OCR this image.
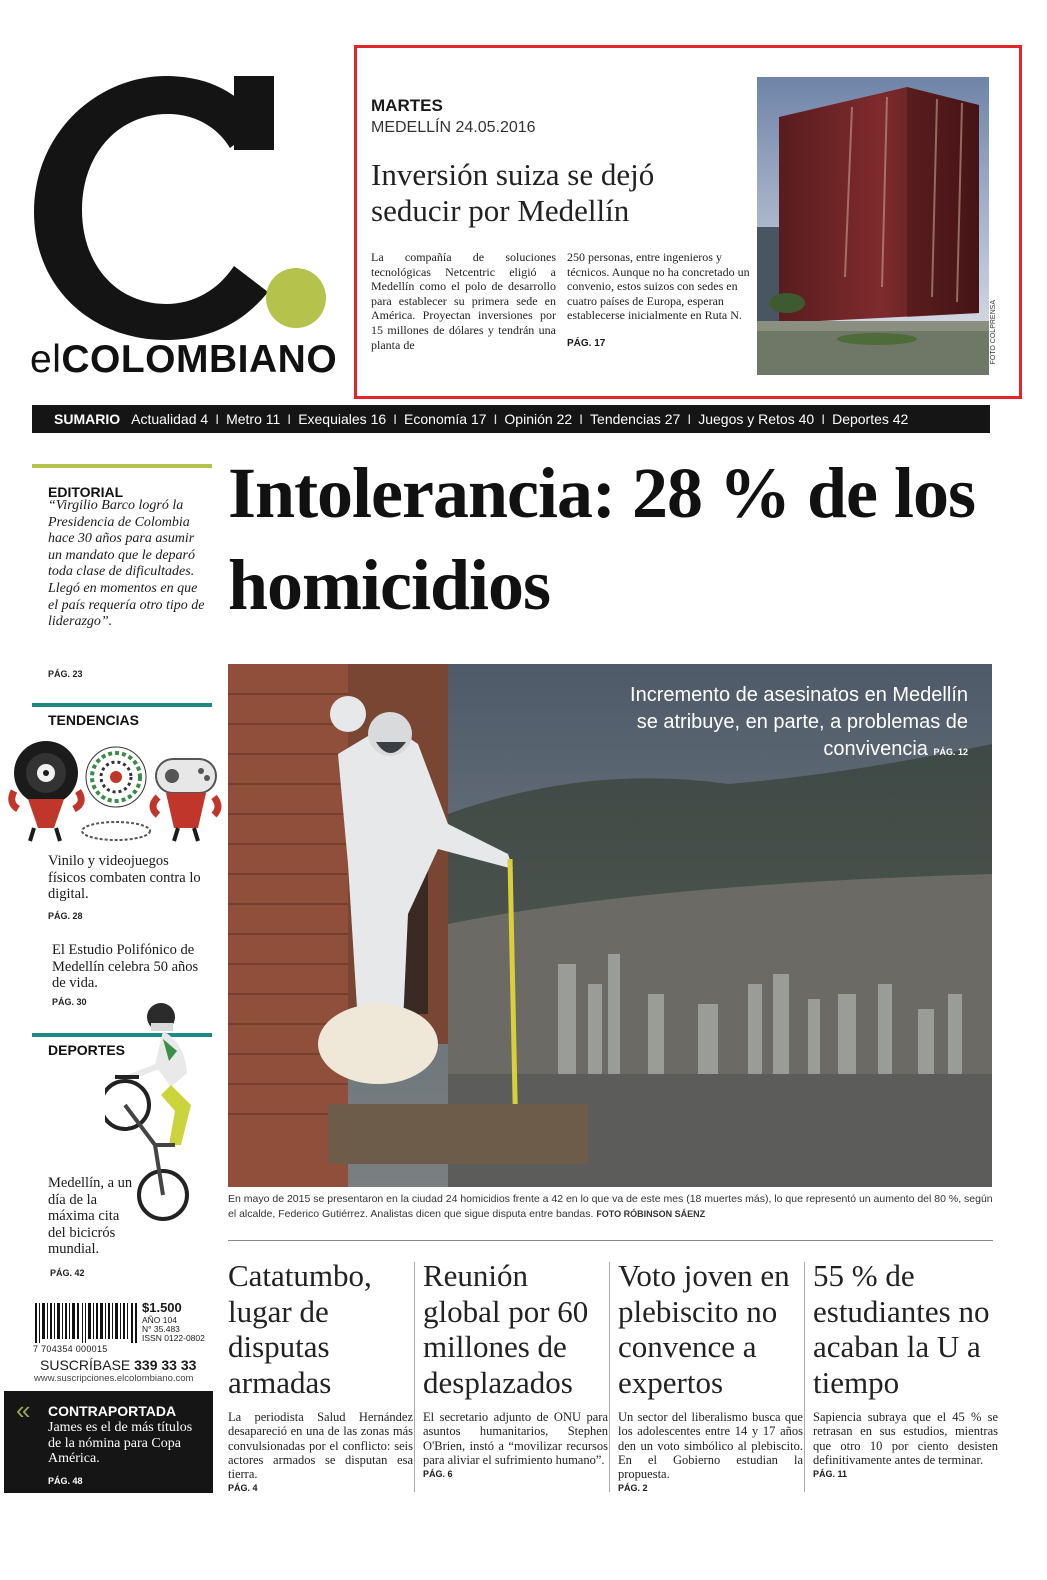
elCOLOMBIANO
MARTES
MEDELLÍN 24.05.2016
Inversión suiza se dejó seducir por Medellín
La compañía de soluciones tecnológicas Netcentric eligió a Medellín como el polo de desarrollo para establecer su primera sede en América. Proyectan inversiones por 15 millones de dólares y tendrán una planta de
250 personas, entre ingenieros y técnicos. Aunque no ha concretado un convenio, estos suizos con sedes en cuatro países de Europa, esperan establecerse inicialmente en Ruta N.
PÁG. 17	FOTO COLPRENSA
SUMARIO Actualidad 4 I Metro 11 I Exequiales 16 I Economía 17 I Opinión 22 I Tendencias 27 I Juegos y Retos 40 I Deportes 42
EDITORIAL
“Virgilio Barco logró la Presidencia de Colombia hace 30 años para asumir un mandato que le deparó toda clase de dificultades. Llegó en momentos en que el país requería otro tipo de liderazgo”.
PÁG. 23
TENDENCIAS
Vinilo y videojuegos físicos combaten contra lo digital.
PÁG. 28
El Estudio Polifónico de Medellín celebra 50 años de vida.
PÁG. 30
DEPORTES
Medellín, a un día de la máxima cita del bicicrós mundial.
PÁG. 42
7 704354 000015
$1.500
AÑO 104
N° 35.483
ISSN 0122-0802
SUSCRÍBASE 339 33 33
www.suscripciones.elcolombiano.com
« CONTRAPORTADA
James es el de más títulos de la nómina para Copa América.
PÁG. 48
Intolerancia: 28 % de los homicidios
Incremento de asesinatos en Medellín se atribuye, en parte, a problemas de convivencia PÁG. 12
En mayo de 2015 se presentaron en la ciudad 24 homicidios frente a 42 en lo que va de este mes (18 muertes más), lo que representó un aumento del 80 %, según el alcalde, Federico Gutiérrez. Analistas dicen que sigue disputa entre bandas. FOTO RÓBINSON SÁENZ
Catatumbo, lugar de disputas armadas
La periodista Salud Hernández desapareció en una de las zonas más convulsionadas por el conflicto: seis actores armados se disputan esa tierra.
PÁG. 4
Reunión global por 60 millones de desplazados
El secretario adjunto de ONU para asuntos humanitarios, Stephen O'Brien, instó a “movilizar recursos para aliviar el sufrimiento humano”.
PÁG. 6
Voto joven en plebiscito no convence a expertos
Un sector del liberalismo busca que los adolescentes entre 14 y 17 años den un voto simbólico al plebiscito. En el Gobierno estudian la propuesta.
PÁG. 2
55 % de estudiantes no acaban la U a tiempo
Sapiencia subraya que el 45 % se retrasan en sus estudios, mientras que otro 10 por ciento desisten definitivamente antes de terminar.
PÁG. 11
